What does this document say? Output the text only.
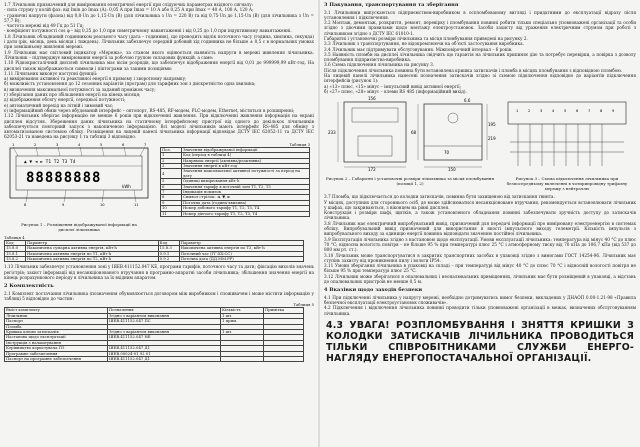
1.7 Лічильник призначений для вимірювання електричної енергії при слідуючих параметрах вхідного сигналу:
- сила струму у колій фаз: від Imin до Imax (А): 0,05 А при Imax = 10 А або 0,25 А при Imax = 40 А, 100 А, 120 А;
- граничні напруги (фазна) від 0,8·Un до 1,15·Un (В) (для лічильника з Un = 220 В) та від 0,75·Un до 1,15·Un (В) (для лічильника з Un = 57,7 В);
- частота мережі від 49 Гц до 51 Гц;
- коефіцієнт потужності cos φ – від 0,25 до 1,0 при симетричному навантаженні і від 0,25 до 1,0 при індуктивному навантаженні.
1.8 Лічильник обладнаний годинником реального часу (дата – годинник), що проводить відлік поточного часу (година, хвилина, секунда) і дати (рік, місяць, день місяця і тиждень). Лічильник забезпечує середній добовий хід годинника не більше ± 0,5 с в нормальних умовах при зовнішньому живленні мережі.
1.9 Лічильник має світловий індикатор «Мережа», за станом якого оцінюється наявність напруги в мережі живлення лічильника. Лічильник – підтверджує вимірювання енергії за робочою групою складових функцій, а саме:
1.10 Рідкокристалічний дисплей лічильника має вісім розрядів, що забезпечує відображення енергії від 0,01 до 999999,99 кВт·год. На дисплеї також відображаються символи і піктограми за такими позиціями:
1.11 Лічильник виконує наступні функції:
а) вимірювання активної та реактивної енергії в прямому і зворотному напрямку;
б) можливість установлення до 12 сезонних варіантів (програм) для тарифних зон з дискретністю одна хвилина;
в) визначення максимальної потужності за заданий проміжок часу;
г) зберігання даних про збільшення енергії на кінець місяця;
д) відображення обсягу енергії, середньої потужності;
е) автоматичний перехід на літній і зимовий час;
є) інформаційний обмін через вбудований інтерфейс – оптопорт, RS-485, RF-модем, PLC-модем, Ethernet, міститься в розширенні;
1.12 Лічильник зберігає інформацію не менше 6 років при відключенні живлення. При відключенні живлення інформація на екрані дисплея відсутня. Збереження даних лічильника на статичному інтерфейсному пристрої від одного до декількох лічильників забезпечується повторний запуск з накопиченою інформацією. Всі моделі лічильників мають інтерфейс RS-485 для обміну з автоматизованою системою обліку. Розміщення на лицевій панелі лічильника інформації відповідає ДСТУ IEC 62052-11 та ДСТУ IEC 62053-21 та наведена на рисунку 1 та таблиці 3 відповідно.
▲ ▼ ◄ ► T1 T2 T3 T4
88888888
kWh
1	2	3	4	5	6	7
8	9	10	11
Рисунок 1 – Розміщення відображуваної інформації на дисплеї лічильника
Таблиця 3
Поз.	Значення відображуваної інформації
1	Код (період в таблиці 4)
2	Напрямок енергії (активна/реактивна)
3	Значення енергії в кВт·год
4	Значення максимальної активної потужності за період на дату
5	Одиниці вимірювання кВт·h
6	Значення тарифу в поточній зоні Т1, Т2, Т3
7	Індикація помилок
8	Символ стрілок: ◄, ▼, ►
9	Поточна дата (година-хвилина)
10	Номер добового тарифу Т1, Т2, Т3, Т4
11	Номер діючого тарифу Т1, Т2, Т3, Т4
Таблиця 4
Код	Параметр	Код	Параметр
15.8.0	Накопичена сумарна активна енергія, кВт·h	15.8.3	Накопичена активна енергія по Т3, кВт·h
15.8.1	Накопичена активна енергія по Т1, кВт·h	0.9.1	Поточний час (ГГ:ХХ:СС)
15.8.2	Накопичена активна енергія по Т2, кВт·h	0.9.2	Поточна дата (ДД.ММ.РР)
1.13 Лічильник забезпечує установлення зоні у ІЯЕВ.411152.047 КЕ, програми тарифів, поточного часу та дати; фіксацію вихолів значень регістрів; захист інформації від несанкціонованого втручання в програмно-апаратні засоби лічильника; збільшення значення енергії на кінець розрахункового періоду в лічильника за їх вхідним апаратом.
2 Комплектність
2.1 Комплект постачання лічильника (позначення обумовлюється договором між виробником і споживачем і може містити інформацію у таблиці 5 відповідно до частин:
Таблиця 5
Вміст комплекту	Позначення	Кількість	Примітка
Лічильник	Згідно з варіантом виконання	1 шт.	
Паспорт	ІЯЕВ.411152.047 ПС	1 прим.	
Пломба			
Кришка клеми затискачів	Згідно з варіантом виконання	1 шт.	
Настанова щодо експлуатації	ІЯЕВ.411152.047 НЕ		
Інструкція з налаштування			
Керівництво користувача ПЗ	ІЯЕВ.411152.047 Д1		
Програмне забезпечення	ІЯЕВ.00024-01 92 01		
Паспорт на програмне забезпечення	ІЯЕВ.411152.047 Д1		
3 Пакування, транспортування та зберігання
3.1 Лічильники випускаються підприємством-виробником в оспломбованому вигляді і придатними до експлуатації відразу після установлення і підключення.
3.2 Монтаж, демонтаж, розкриття, ремонт, перевірку і пломбування повинні робити тільки спеціально уповноважені організації та особи згідно з діючими правилами щодо монтажу електроустановок. Засоби захисту від ураження електричним струмом при роботі з лічильником згідно з ДСТУ IEC 61010-1.
Габаритні і установочні розміри лічильника та місця пломбування приведені на рисунку 2.
3.3 Лічильник з транспортування, не відокремлюючи на обʼєкті застосування виробника.
3.4 Лічильник має підтримувати обслуговування. Міжповірочний інтервал – 6 років.
3.5 Наявність пломби на дисплеї лічильника свідчить що гарантія на лічильник припиняє дію та потребує перевірки, а повірка з дозволу пломбування підприємства-виробника.
3.6 Схема підключення лічильника на рисунку 3.
Після підключення лічильника повинна бути встановлена кришка затискачів і пломба в місцях пломбування з відповідною пломбою.
На лицевій панелі лічильника нанесені позначення затискачів згідно зі схемою підключення відповідно до варіантів підключення інтерфейсів (рисунок 1):
а) «13» плюс, «15» мінус – імпульсний вивід активної енергії;
б) «27» плюс, «28» мінус – клеми RS 485 (інформаційний вихід).
233
156
172
68
150
195
219
70
6.6
Рисунок 2 – Габаритні і установочні розміри лічильника та місця пломбування (позиції 1, 2)
1	2	3	4	5	6	7	8	9
Рисунок 3 – Схема підключення лічильника при безпосередньому включенні в чотирипровідну трифазну мережу з нейтраллю
3.7 Пломба, що підключається до колодки затискачів, повинна бути захищеною від затискання гвинта.
У місцях, доступних для стороннього осіб, де може здійснюватися несанкціоноване втручання, рекомендується встановлювати лічильник у шафах, що закриваються, з віконцем на рівні дисплея.
Конструкція і розміри шафі, щитків, а також установленого обладнання повинні забезпечувати зручність доступу до затискачів лічильника.
3.8 Лічильник має електричний випробувальний вивід, призначений для передачі інформації про вимірювану електроенергію в системах обліку. Випробувальний вивід призначений для використання в якості імпульсного виходу телеметрії. Кількість імпульсів з випробувального виходу за одиницю енергії повинна відповідати значенню постійної лічильника.
3.9 Експлуатація лічильника згідно з настановою щодо експлуатації. Умови експлуатації лічильника: температура від мінус 40 °C до плюс 70 °C; відносна вологість повітря – не більше 95 % при температурі плюс 25 °C і атмосферному тиску від 70 кПа до 106,7 кПа (від 537 до 800 мм рт. ст.).
3.10 Лічильник може транспортуватися в закритих транспортних засобах в упаковці згідно з вимогами ГОСТ 14254-96. Лічильник має ступінь захисту від проникнення пилу і вологи IP54.
3.11 Умови зберігання лічильника в упаковці на складі – при температурі від мінус 40 °C до плюс 70 °C і відносній вологості повітря не більше 95 % при температурі плюс 25 °C.
3.12 Лічильник може зберігатися в опалювальних і неопалювальних приміщеннях, лічильник має бути розміщений в упаковці, а відстань до опалювальних пристроїв не менше 0,5 м.
4 Вказівки щодо заходів безпеки
4.1 При підключенні лічильника у напругу мережі, необхідно дотримуватись вимог безпеки, викладених у ДНАОП 0.00-1.21-98 «Правила безпечної експлуатації електроустановок споживачів».
4.2 Підключення і відключення лічильника повинні проводити тільки уповноважені організації в межах, визначених обслуговуванням лічильника.
4.3 УВАГА! РОЗПЛОМБУВАННЯ І ЗНЯТТЯ КРИШКИ З КОЛОДКИ ЗАТИСКАЧІВ ЛІЧИЛЬНИКА ПРОВОДИТЬСЯ ТІЛЬКИ СПІВРОБІТНИКАМИ СЛУЖБИ ЕНЕРГО-НАГЛЯДУ ЕНЕРГОПОСТАЧАЛЬНОЇ ОРГАНІЗАЦІЇ.
